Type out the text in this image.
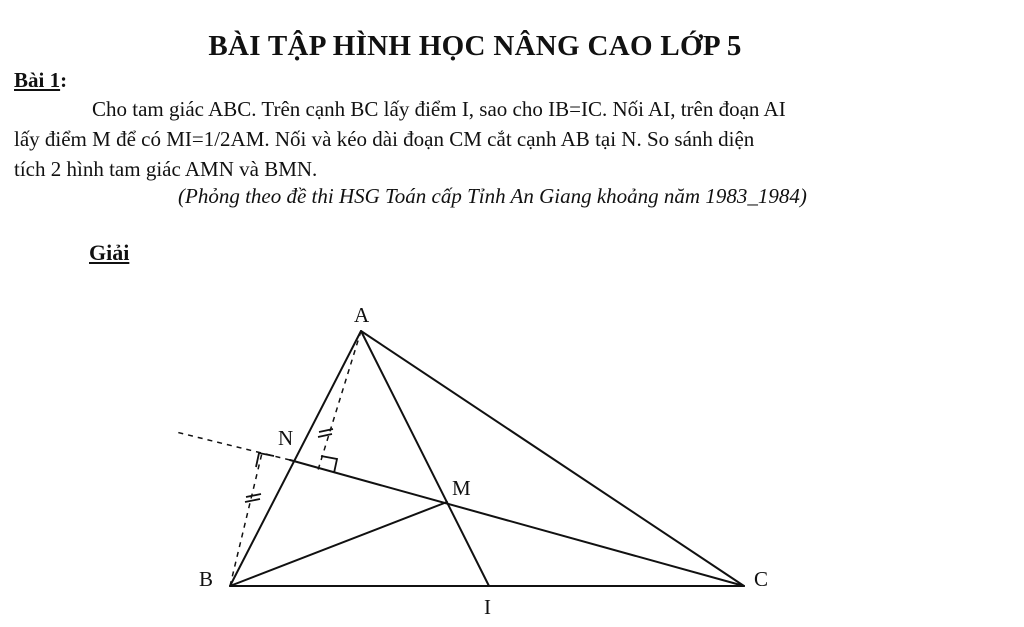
BÀI TẬP HÌNH HỌC NÂNG CAO LỚP 5
Bài 1:
Cho tam giác ABC. Trên cạnh BC lấy điểm I, sao cho IB=IC. Nối AI, trên đoạn AI
lấy điểm M để có MI=1/2AM. Nối và kéo dài đoạn CM cắt cạnh AB tại N. So sánh diện
tích 2 hình tam giác AMN và BMN.
(Phỏng theo đề thi HSG Toán cấp Tỉnh An Giang khoảng năm 1983_1984)
Giải
A
N
M
B	C
I
